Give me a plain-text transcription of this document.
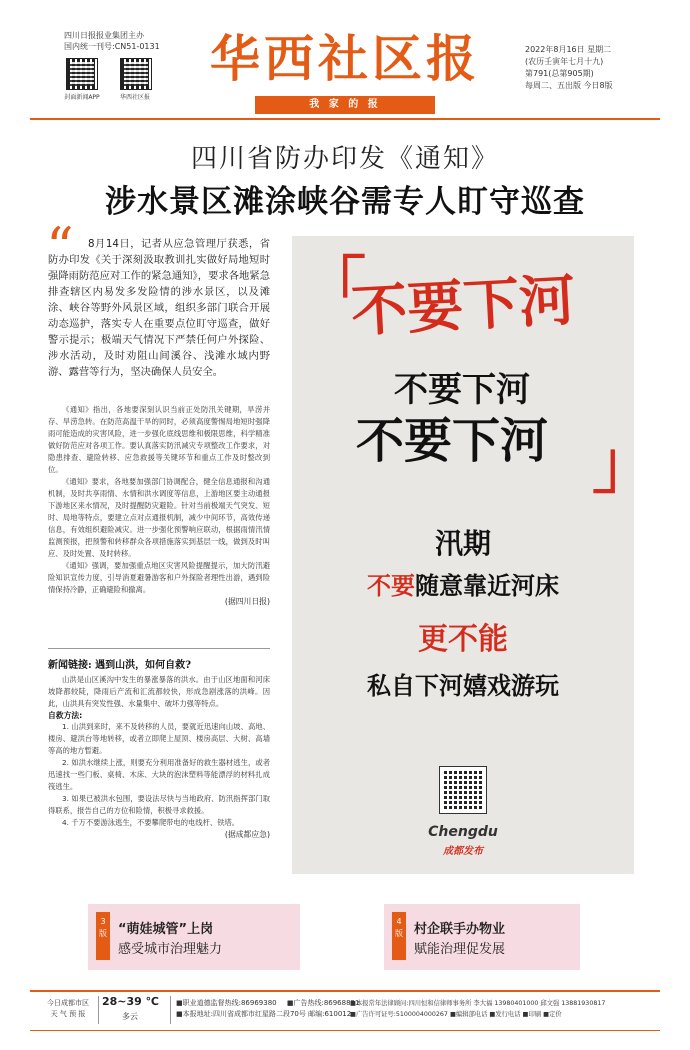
四川日报报业集团主办
国内统一刊号:CN51-0131
封面新闻APP	华西社区报
华西社区报
我 家 的 报
2022年8月16日 星期二
(农历壬寅年七月十九)
第791(总第905期)
每周二、五出版 今日8版
四川省防办印发《通知》
涉水景区滩涂峡谷需专人盯守巡查
“	8月14日，记者从应急管理厅获悉，省防办印发《关于深刻汲取教训扎实做好局地短时强降雨防范应对工作的紧急通知》，要求各地紧急排查辖区内易发多发险情的涉水景区，以及滩涂、峡谷等野外风景区域，组织多部门联合开展动态巡护，落实专人在重要点位盯守巡查，做好警示提示；极端天气情况下严禁任何户外探险、涉水活动，及时劝阻山间溪谷、浅滩水域内野游、露营等行为，坚决确保人员安全。

《通知》指出，各地要深刻认识当前正处防汛关键期，旱涝并存、旱涝急转。在防范高温干旱的同时，必须高度警惕局地短时强降雨可能造成的灾害风险，进一步强化底线思维和极限思维，科学精准做好防范应对各项工作。要认真落实防汛减灾专项整改工作要求，对隐患排查、避险转移、应急救援等关键环节和重点工作及时整改到位。

《通知》要求，各地要加强部门协调配合，健全信息通报和沟通机制，及时共享雨情、水情和洪水调度等信息，上游地区要主动通报下游地区来水情况，及时提醒防灾避险。针对当前极端天气突发、短时、局地等特点，要建立点对点通报机制，减少中间环节，高效传递信息，有效组织避险减灾。进一步强化预警响应联动，根据雨情汛情监测预报，把预警和转移群众各项措施落实到基层一线，做到及时叫应、及时处置、及时转移。

《通知》强调，要加强重点地区灾害风险提醒提示，加大防汛避险知识宣传力度，引导消夏避暑游客和户外探险者理性出游，遇到险情保持冷静，正确避险和撤离。

(据四川日报)
新闻链接: 遇到山洪，如何自救?

山洪是山区溪沟中发生的暴涨暴落的洪水。由于山区地面和河床坡降都较陡，降雨后产流和汇流都较快，形成急剧涨落的洪峰。因此，山洪具有突发性强、水量集中、破坏力强等特点。

自救方法:

1. 山洪到来时，来不及转移的人员，要就近迅速向山坡、高地、楼房、避洪台等地转移，或者立即爬上屋顶、楼房高层、大树、高墙等高的地方暂避。

2. 如洪水继续上涨，则要充分利用准备好的救生器材逃生，或者迅速找一些门板、桌椅、木床、大块的泡沫塑料等能漂浮的材料扎成筏逃生。

3. 如果已被洪水包围，要设法尽快与当地政府、防汛指挥部门取得联系，报告自己的方位和险情，积极寻求救援。

4. 千万不要游泳逃生，不要攀爬带电的电线杆、铁塔。

(据成都应急)
「
不要下河
不要下河
不要下河 」
汛期
不要随意靠近河床
更不能
私自下河嬉戏游玩
Chengdu
成都发布
3
版 “萌娃城管”上岗
感受城市治理魅力
4
版 村企联手办物业
赋能治理促发展
今日成都市区
天 气 预 报
28~39 ℃
多云
■职业道德监督热线:86969380 ■广告热线:86968851
■本报地址:四川省成都市红星路二段70号 邮编:610012
■本报常年法律顾问:四川恒和信律师事务所 李大福 13980401000 邱文强 13881930817
■广告许可证号:5100004000267 ■编辑部电话 ■发行电话 ■印刷 ■定价
